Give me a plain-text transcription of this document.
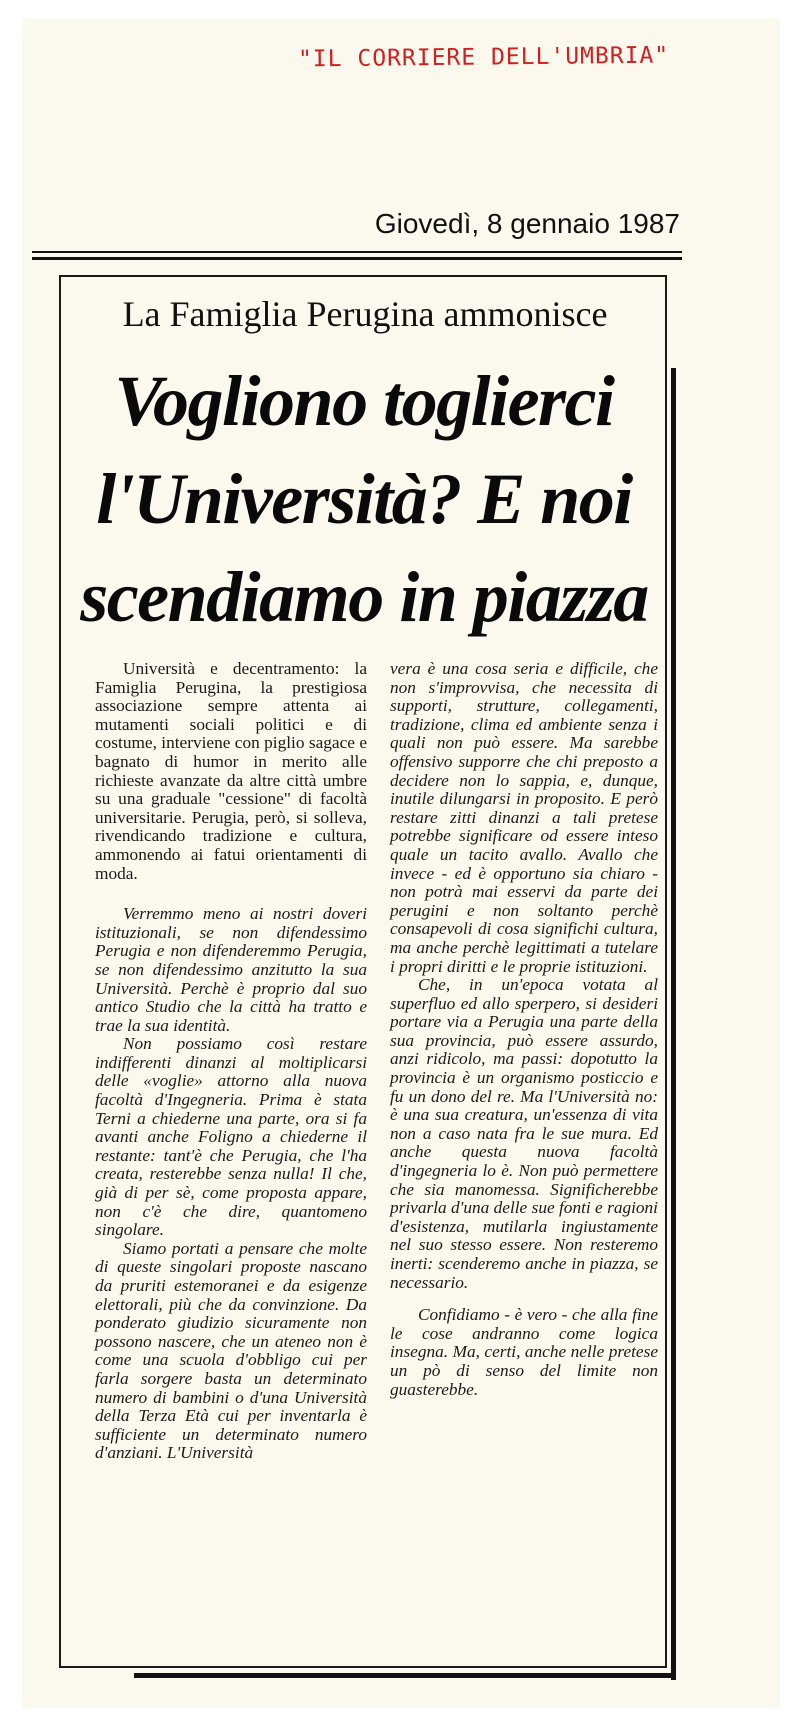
"IL CORRIERE DELL'UMBRIA"
Giovedì, 8 gennaio 1987
La Famiglia Perugina ammonisce
Vogliono toglierci
l'Università? E noi
scendiamo in piazza

Università e decentramento: la Famiglia Perugina, la prestigiosa associazione sempre attenta ai mutamenti sociali politici e di costume, interviene con piglio sagace e bagnato di humor in merito alle richieste avanzate da altre città umbre su una graduale "cessione" di facoltà universitarie. Perugia, però, si solleva, rivendicando tradizione e cultura, ammonendo ai fatui orientamenti di moda.

Verremmo meno ai nostri doveri istituzionali, se non difendessimo Perugia e non difenderemmo Perugia, se non difendessimo anzitutto la sua Università. Perchè è proprio dal suo antico Studio che la città ha tratto e trae la sua identità.

Non possiamo così restare indifferenti dinanzi al moltiplicarsi delle «voglie» attorno alla nuova facoltà d'Ingegneria. Prima è stata Terni a chiederne una parte, ora si fa avanti anche Foligno a chiederne il restante: tant'è che Perugia, che l'ha creata, resterebbe senza nulla! Il che, già di per sè, come proposta appare, non c'è che dire, quantomeno singolare.

Siamo portati a pensare che molte di queste singolari proposte nascano da pruriti estemoranei e da esigenze elettorali, più che da convinzione. Da ponderato giudizio sicuramente non possono nascere, che un ateneo non è come una scuola d'obbligo cui per farla sorgere basta un determinato numero di bambini o d'una Università della Terza Età cui per inventarla è sufficiente un determinato numero d'anziani. L'Università

vera è una cosa seria e difficile, che non s'improvvisa, che necessita di supporti, strutture, collegamenti, tradizione, clima ed ambiente senza i quali non può essere. Ma sarebbe offensivo supporre che chi preposto a decidere non lo sappia, e, dunque, inutile dilungarsi in proposito. E però restare zitti dinanzi a tali pretese potrebbe significare od essere inteso quale un tacito avallo. Avallo che invece - ed è opportuno sia chiaro - non potrà mai esservi da parte dei perugini e non soltanto perchè consapevoli di cosa significhi cultura, ma anche perchè legittimati a tutelare i propri diritti e le proprie istituzioni.

Che, in un'epoca votata al superfluo ed allo sperpero, si desideri portare via a Perugia una parte della sua provincia, può essere assurdo, anzi ridicolo, ma passi: dopotutto la provincia è un organismo posticcio e fu un dono del re. Ma l'Università no: è una sua creatura, un'essenza di vita non a caso nata fra le sue mura. Ed anche questa nuova facoltà d'ingegneria lo è. Non può permettere che sia manomessa. Significherebbe privarla d'una delle sue fonti e ragioni d'esistenza, mutilarla ingiustamente nel suo stesso essere. Non resteremo inerti: scenderemo anche in piazza, se necessario.

Confidiamo - è vero - che alla fine le cose andranno come logica insegna. Ma, certi, anche nelle pretese un pò di senso del limite non guasterebbe.
